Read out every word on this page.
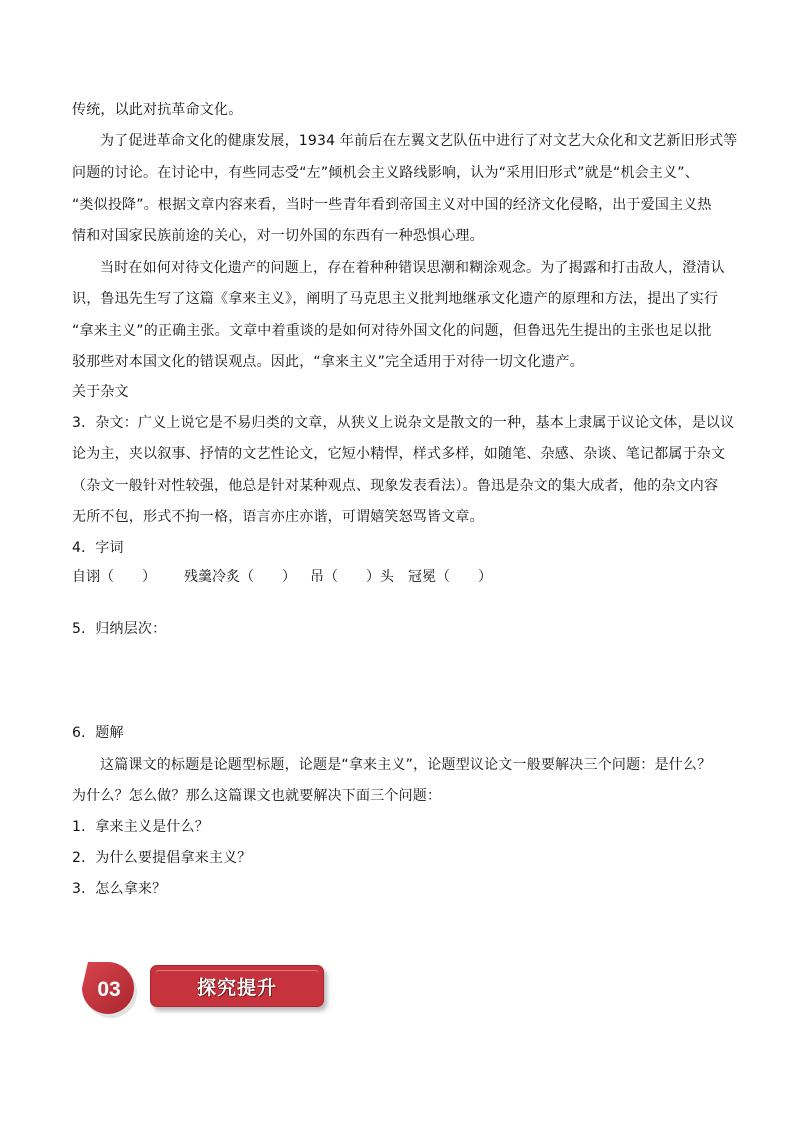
传统，以此对抗革命文化。
为了促进革命文化的健康发展，1934 年前后在左翼文艺队伍中进行了对文艺大众化和文艺新旧形式等
问题的讨论。在讨论中，有些同志受“左”倾机会主义路线影响，认为“采用旧形式”就是“机会主义”、
“类似投降”。根据文章内容来看，当时一些青年看到帝国主义对中国的经济文化侵略，出于爱国主义热
情和对国家民族前途的关心，对一切外国的东西有一种恐惧心理。
当时在如何对待文化遗产的问题上，存在着种种错误思潮和糊涂观念。为了揭露和打击敌人，澄清认
识，鲁迅先生写了这篇《拿来主义》，阐明了马克思主义批判地继承文化遗产的原理和方法，提出了实行
“拿来主义”的正确主张。文章中着重谈的是如何对待外国文化的问题，但鲁迅先生提出的主张也足以批
驳那些对本国文化的错误观点。因此，“拿来主义”完全适用于对待一切文化遗产。
关于杂文
3．杂文：广义上说它是不易归类的文章，从狭义上说杂文是散文的一种，基本上隶属于议论文体，是以议
论为主，夹以叙事、抒情的文艺性论文，它短小精悍，样式多样，如随笔、杂感、杂谈、笔记都属于杂文
（杂文一般针对性较强，他总是针对某种观点、现象发表看法）。鲁迅是杂文的集大成者，他的杂文内容
无所不包，形式不拘一格，语言亦庄亦谐，可谓嬉笑怒骂皆文章。
4．字词
自诩（　　） 残羹冷炙（　　） 吊（　　）头 冠冕（　　）
5．归纳层次：
6．题解
这篇课文的标题是论题型标题，论题是“拿来主义”，论题型议论文一般要解决三个问题：是什么？
为什么？怎么做？那么这篇课文也就要解决下面三个问题：
1．拿来主义是什么？
2．为什么要提倡拿来主义？
3．怎么拿来？
03	探究提升
